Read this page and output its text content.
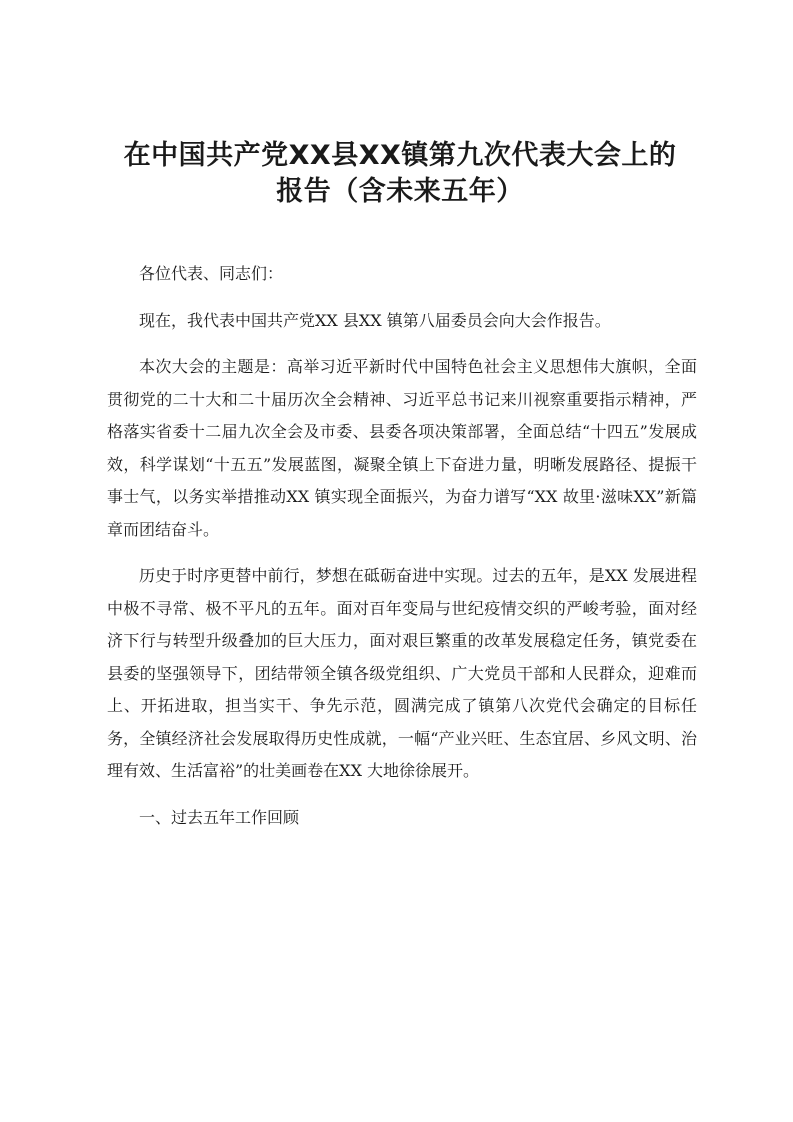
在中国共产党XX县XX镇第九次代表大会上的
报告（含未来五年）

各位代表、同志们：

现在，我代表中国共产党XX 县XX 镇第八届委员会向大会作报告。

本次大会的主题是：高举习近平新时代中国特色社会主义思想伟大旗帜，全面贯彻党的二十大和二十届历次全会精神、习近平总书记来川视察重要指示精神，严格落实省委十二届九次全会及市委、县委各项决策部署，全面总结“十四五”发展成效，科学谋划“十五五”发展蓝图，凝聚全镇上下奋进力量，明晰发展路径、提振干事士气，以务实举措推动XX 镇实现全面振兴，为奋力谱写“XX 故里·滋味XX”新篇章而团结奋斗。

历史于时序更替中前行，梦想在砥砺奋进中实现。过去的五年，是XX 发展进程中极不寻常、极不平凡的五年。面对百年变局与世纪疫情交织的严峻考验，面对经济下行与转型升级叠加的巨大压力，面对艰巨繁重的改革发展稳定任务，镇党委在县委的坚强领导下，团结带领全镇各级党组织、广大党员干部和人民群众，迎难而上、开拓进取，担当实干、争先示范，圆满完成了镇第八次党代会确定的目标任务，全镇经济社会发展取得历史性成就，一幅“产业兴旺、生态宜居、乡风文明、治理有效、生活富裕”的壮美画卷在XX 大地徐徐展开。

一、过去五年工作回顾
